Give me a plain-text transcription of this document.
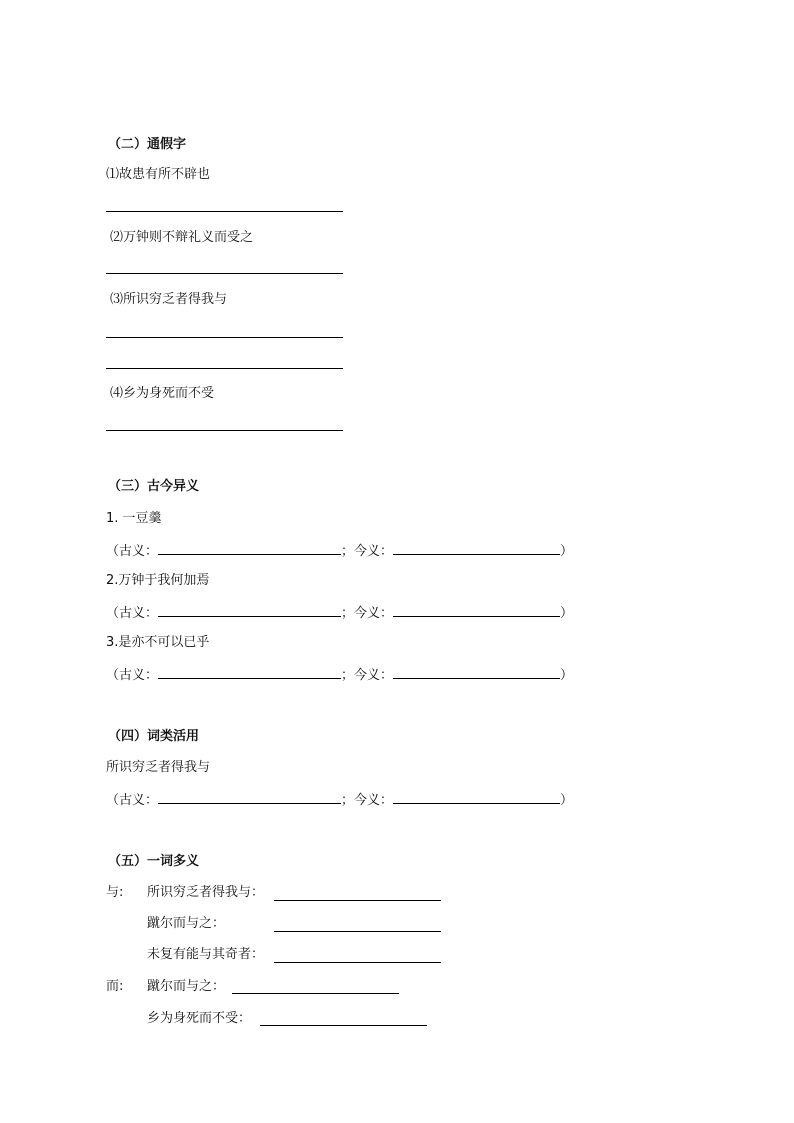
（二）通假字
⑴故患有所不辟也
⑵万钟则不辩礼义而受之
⑶所识穷乏者得我与
⑷乡为身死而不受
（三）古今异义
1. 一豆羹
（古义：	；今义：	）
2.万钟于我何加焉
（古义：	；今义：	）
3.是亦不可以已乎
（古义：	；今义：	）
（四）词类活用
所识穷乏者得我与
（古义：	；今义：	）
（五）一词多义
与: 所识穷乏者得我与：
蹴尔而与之：
未复有能与其奇者：
而: 蹴尔而与之：
乡为身死而不受：
